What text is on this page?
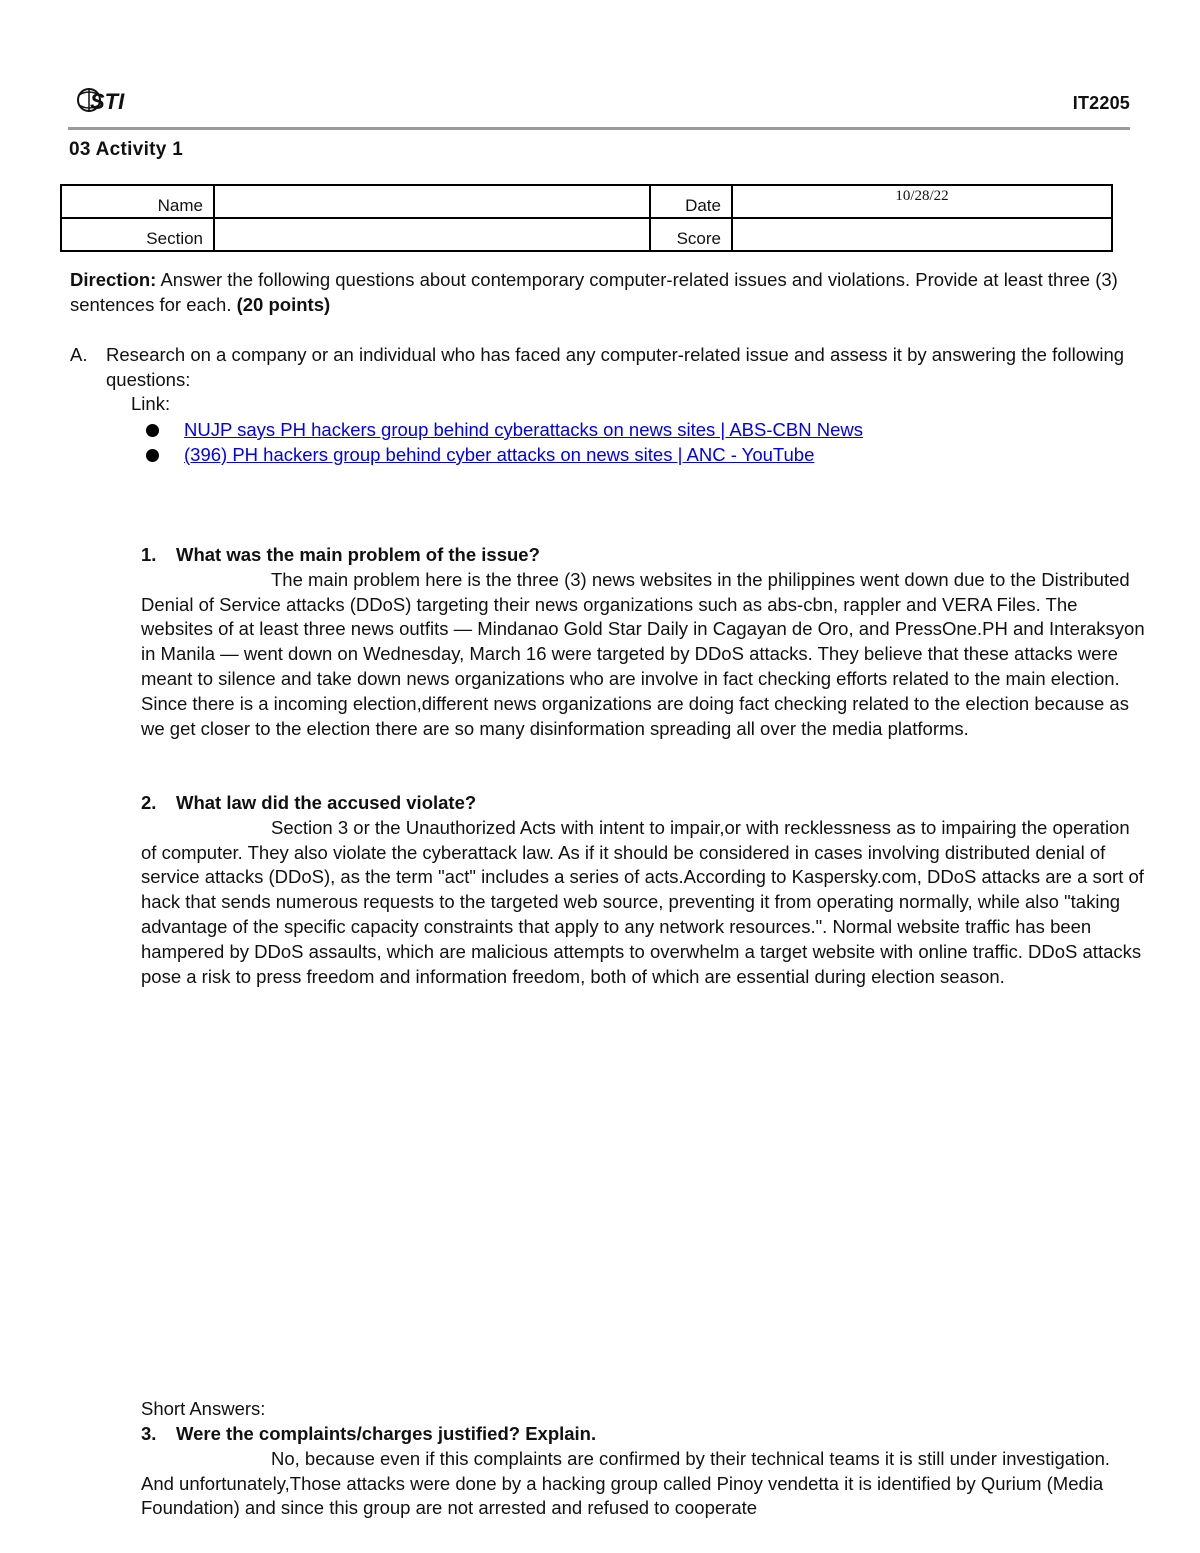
STI	IT2205
03 Activity 1
Name		Date	10/28/22
Section		Score	
Direction: Answer the following questions about contemporary computer-related issues and violations. Provide at least three (3) sentences for each. (20 points)
A. Research on a company or an individual who has faced any computer-related issue and assess it by answering the following questions:
Link:
NUJP says PH hackers group behind cyberattacks on news sites | ABS-CBN News
(396) PH hackers group behind cyber attacks on news sites | ANC - YouTube
1. What was the main problem of the issue?
The main problem here is the three (3) news websites in the philippines went down due to the Distributed Denial of Service attacks (DDoS) targeting their news organizations such as abs-cbn, rappler and VERA Files. The websites of at least three news outfits — Mindanao Gold Star Daily in Cagayan de Oro, and PressOne.PH and Interaksyon in Manila — went down on Wednesday, March 16 were targeted by DDoS attacks. They believe that these attacks were meant to silence and take down news organizations who are involve in fact checking efforts related to the main election. Since there is a incoming election,different news organizations are doing fact checking related to the election because as we get closer to the election there are so many disinformation spreading all over the media platforms.
2. What law did the accused violate?
Section 3 or the Unauthorized Acts with intent to impair,or with recklessness as to impairing the operation of computer. They also violate the cyberattack law. As if it should be considered in cases involving distributed denial of service attacks (DDoS), as the term "act" includes a series of acts.According to Kaspersky.com, DDoS attacks are a sort of hack that sends numerous requests to the targeted web source, preventing it from operating normally, while also "taking advantage of the specific capacity constraints that apply to any network resources.". Normal website traffic has been hampered by DDoS assaults, which are malicious attempts to overwhelm a target website with online traffic. DDoS attacks pose a risk to press freedom and information freedom, both of which are essential during election season.
Short Answers:
3. Were the complaints/charges justified? Explain.
No, because even if this complaints are confirmed by their technical teams it is still under investigation. And unfortunately,Those attacks were done by a hacking group called Pinoy vendetta it is identified by Qurium (Media Foundation) and since this group are not arrested and refused to cooperate
